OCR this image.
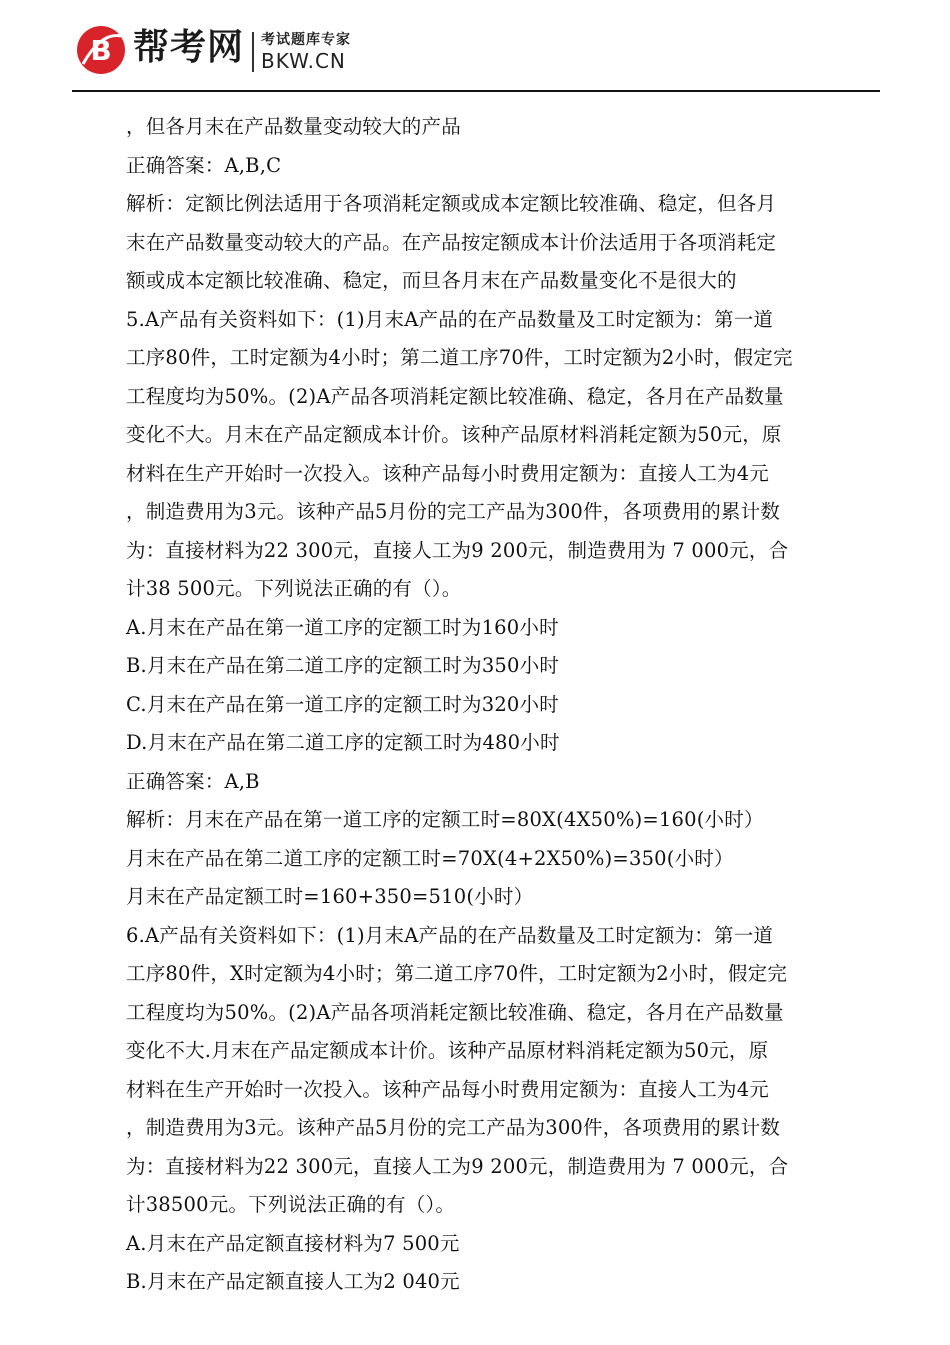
B 帮考网 考试题库专家
BKW.CN
，但各月末在产品数量变动较大的产品
正确答案：A,B,C
解析：定额比例法适用于各项消耗定额或成本定额比较准确、稳定，但各月
末在产品数量变动较大的产品。在产品按定额成本计价法适用于各项消耗定
额或成本定额比较准确、稳定，而旦各月末在产品数量变化不是很大的
5.A产品有关资料如下：(1)月末A产品的在产品数量及工时定额为：第一道
工序80件，工时定额为4小时；第二道工序70件，工时定额为2小时，假定完
工程度均为50%。(2)A产品各项消耗定额比较准确、稳定，各月在产品数量
变化不大。月末在产品定额成本计价。该种产品原材料消耗定额为50元，原
材料在生产开始时一次投入。该种产品每小时费用定额为：直接人工为4元
，制造费用为3元。该种产品5月份的完工产品为300件，各项费用的累计数
为：直接材料为22 300元，直接人工为9 200元，制造费用为 7 000元，合
计38 500元。下列说法正确的有（）。
A.月末在产品在第一道工序的定额工时为160小时
B.月末在产品在第二道工序的定额工时为350小时
C.月末在产品在第一道工序的定额工时为320小时
D.月末在产品在第二道工序的定额工时为480小时
正确答案：A,B
解析：月末在产品在第一道工序的定额工时=80X(4X50%)=160(小时）
月末在产品在第二道工序的定额工时=70X(4+2X50%)=350(小时）
月末在产品定额工时=160+350=510(小时）
6.A产品有关资料如下：(1)月末A产品的在产品数量及工时定额为：第一道
工序80件，X时定额为4小时；第二道工序70件，工时定额为2小时，假定完
工程度均为50%。(2)A产品各项消耗定额比较准确、稳定，各月在产品数量
变化不大.月末在产品定额成本计价。该种产品原材料消耗定额为50元，原
材料在生产开始时一次投入。该种产品每小时费用定额为：直接人工为4元
，制造费用为3元。该种产品5月份的完工产品为300件，各项费用的累计数
为：直接材料为22 300元，直接人工为9 200元，制造费用为 7 000元，合
计38500元。下列说法正确的有（）。
A.月末在产品定额直接材料为7 500元
B.月末在产品定额直接人工为2 040元
